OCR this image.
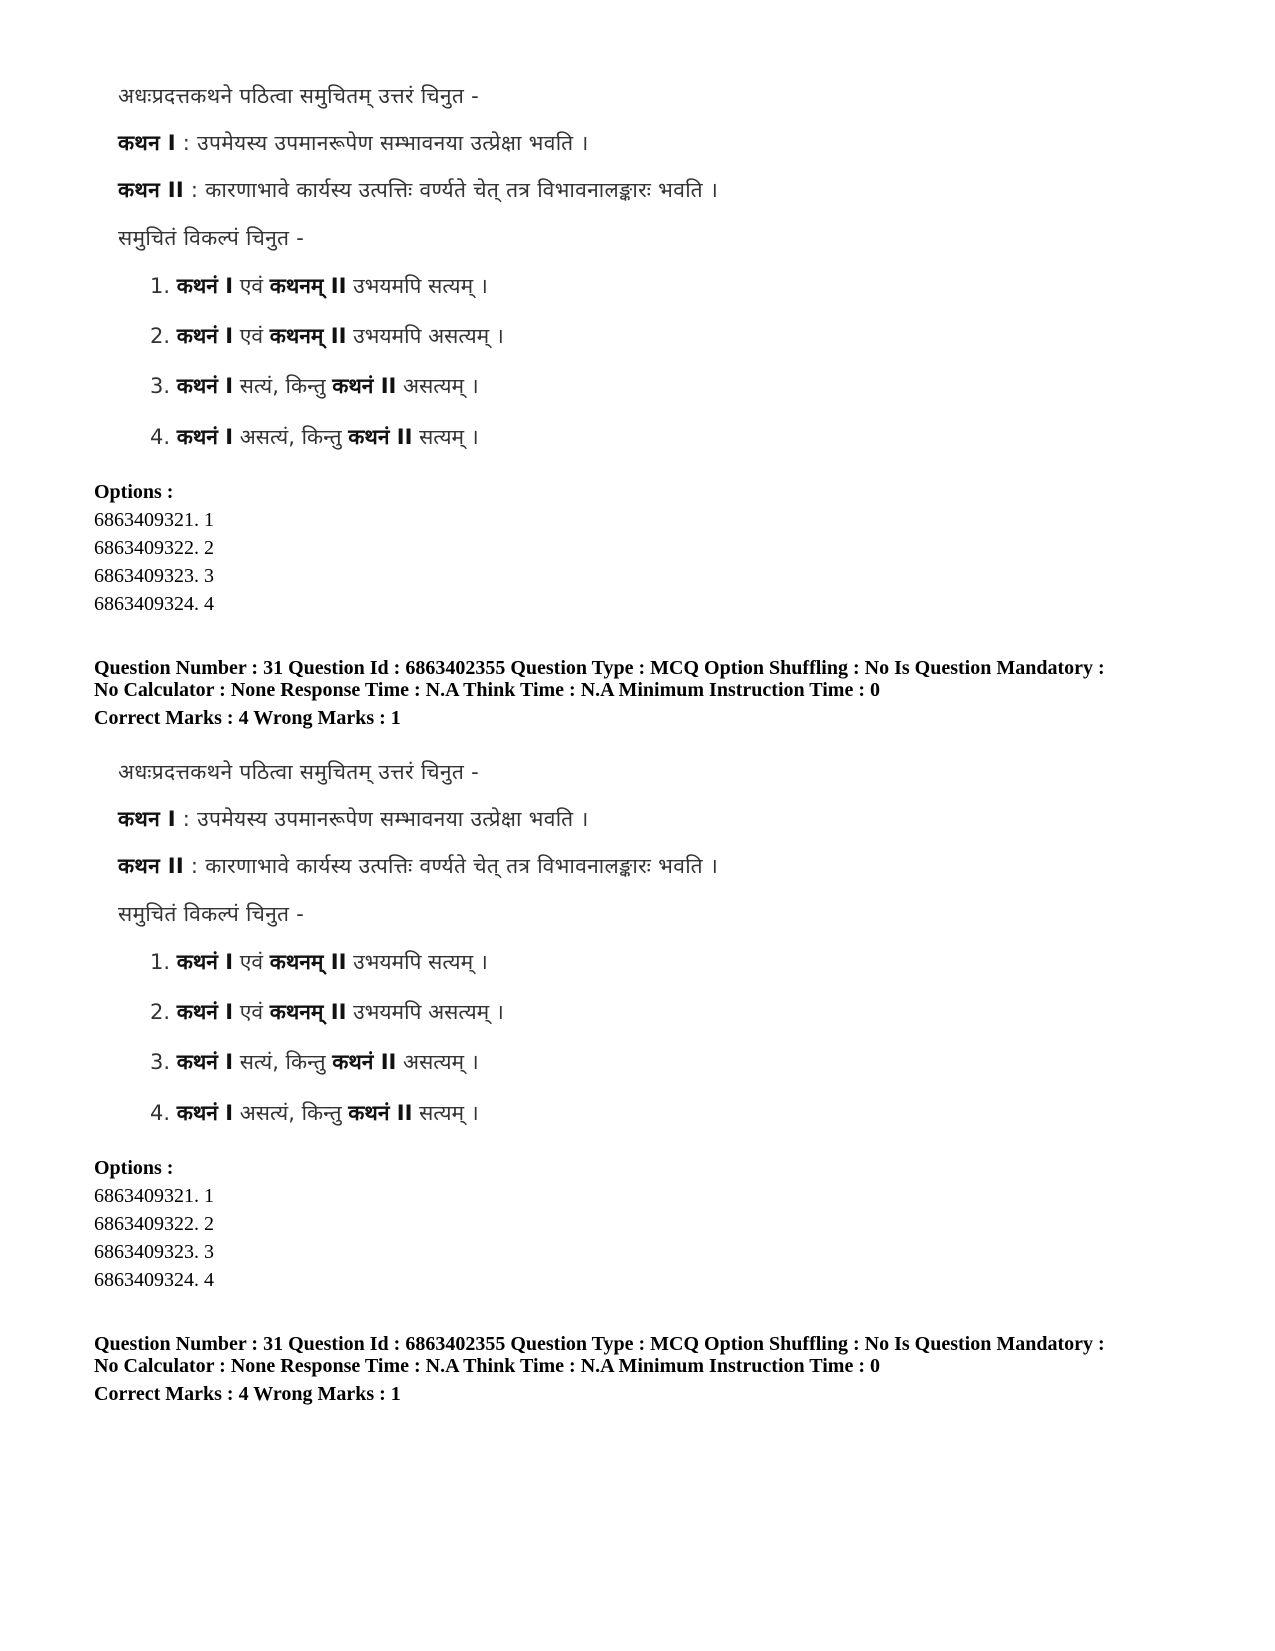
अधःप्रदत्तकथने पठित्वा समुचितम् उत्तरं चिनुत -
कथन I : उपमेयस्य उपमानरूपेण सम्भावनया उत्प्रेक्षा भवति ।
कथन II : कारणाभावे कार्यस्य उत्पत्तिः वर्ण्यते चेत् तत्र विभावनालङ्कारः भवति ।
समुचितं विकल्पं चिनुत -
1. कथनं I एवं कथनम् II उभयमपि सत्यम् ।
2. कथनं I एवं कथनम् II उभयमपि असत्यम् ।
3. कथनं I सत्यं, किन्तु कथनं II असत्यम् ।
4. कथनं I असत्यं, किन्तु कथनं II सत्यम् ।
Options :
6863409321. 1
6863409322. 2
6863409323. 3
6863409324. 4
Question Number : 31 Question Id : 6863402355 Question Type : MCQ Option Shuffling : No Is Question Mandatory :
No Calculator : None Response Time : N.A Think Time : N.A Minimum Instruction Time : 0
Correct Marks : 4 Wrong Marks : 1
अधःप्रदत्तकथने पठित्वा समुचितम् उत्तरं चिनुत -
कथन I : उपमेयस्य उपमानरूपेण सम्भावनया उत्प्रेक्षा भवति ।
कथन II : कारणाभावे कार्यस्य उत्पत्तिः वर्ण्यते चेत् तत्र विभावनालङ्कारः भवति ।
समुचितं विकल्पं चिनुत -
1. कथनं I एवं कथनम् II उभयमपि सत्यम् ।
2. कथनं I एवं कथनम् II उभयमपि असत्यम् ।
3. कथनं I सत्यं, किन्तु कथनं II असत्यम् ।
4. कथनं I असत्यं, किन्तु कथनं II सत्यम् ।
Options :
6863409321. 1
6863409322. 2
6863409323. 3
6863409324. 4
Question Number : 31 Question Id : 6863402355 Question Type : MCQ Option Shuffling : No Is Question Mandatory :
No Calculator : None Response Time : N.A Think Time : N.A Minimum Instruction Time : 0
Correct Marks : 4 Wrong Marks : 1
